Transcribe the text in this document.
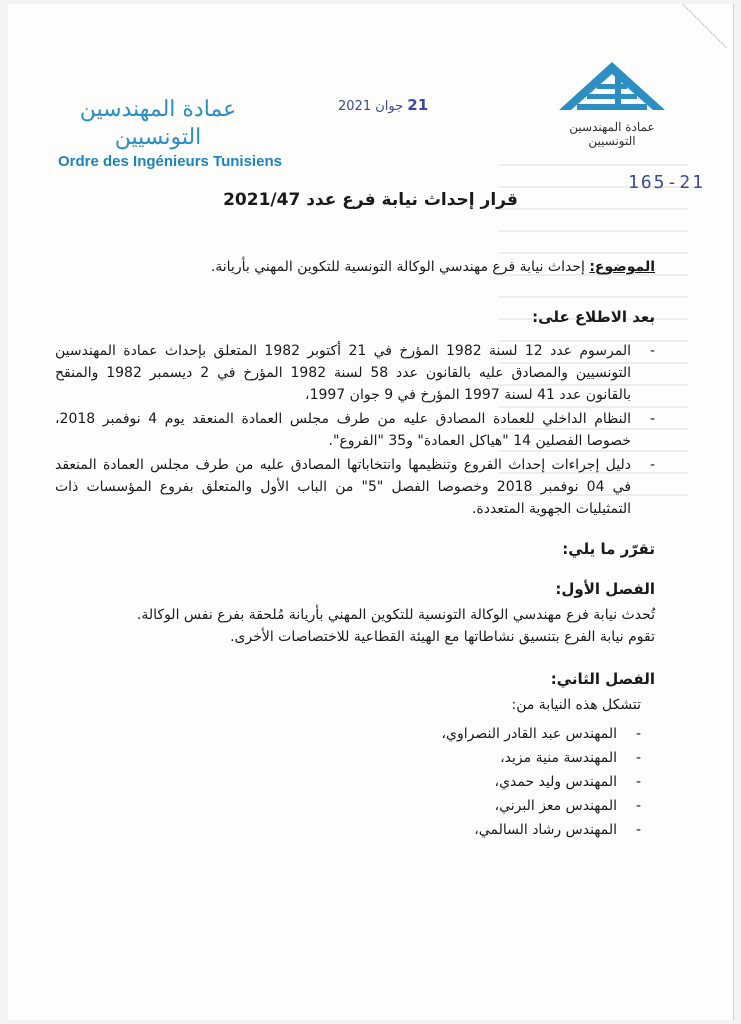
عمادة المهندسين التونسيين
Ordre des Ingénieurs Tunisiens
21 جوان 2021
عمادة المهندسين التونسيين
165-21
قرار إحداث نيابة فرع عدد 2021/47
الموضوع: إحداث نيابة فرع مهندسي الوكالة التونسية للتكوين المهني بأريانة.
بعد الاطلاع على:
- المرسوم عدد 12 لسنة 1982 المؤرخ في 21 أكتوبر 1982 المتعلق بإحداث عمادة المهندسين التونسيين والمصادق عليه بالقانون عدد 58 لسنة 1982 المؤرخ في 2 ديسمبر 1982 والمنقح بالقانون عدد 41 لسنة 1997 المؤرخ في 9 جوان 1997،
- النظام الداخلي للعمادة المصادق عليه من طرف مجلس العمادة المنعقد يوم 4 نوفمبر 2018، خصوصا الفصلين 14 "هياكل العمادة" و35 "الفروع".
- دليل إجراءات إحداث الفروع وتنظيمها وانتخاباتها المصادق عليه من طرف مجلس العمادة المنعقد في 04 نوفمبر 2018 وخصوصا الفصل "5" من الباب الأول والمتعلق بفروع المؤسسات ذات التمثيليات الجهوية المتعددة.
تقرّر ما يلي:
الفصل الأول:
تُحدث نيابة فرع مهندسي الوكالة التونسية للتكوين المهني بأريانة مُلحقة بفرع نفس الوكالة.
تقوم نيابة الفرع بتنسيق نشاطاتها مع الهيئة القطاعية للاختصاصات الأخرى.
الفصل الثاني:
تتشكل هذه النيابة من:
- المهندس عبد القادر النصراوي،
- المهندسة منية مزيد،
- المهندس وليد حمدي،
- المهندس معز البرني،
- المهندس رشاد السالمي،
